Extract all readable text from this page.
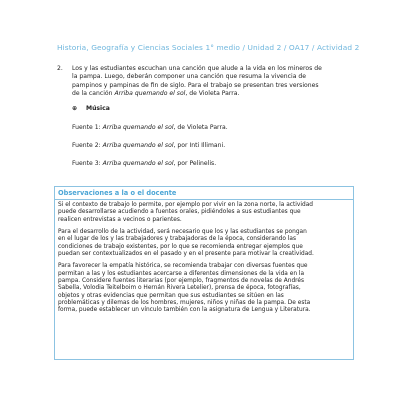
Historia, Geografía y Ciencias Sociales 1° medio / Unidad 2 / OA17 / Actividad 2
2. Los y las estudiantes escuchan una canción que alude a la vida en los mineros de
la pampa. Luego, deberán componer una canción que resuma la vivencia de
pampinos y pampinas de fin de siglo. Para el trabajo se presentan tres versiones
de la canción Arriba quemando el sol, de Violeta Parra.
⊕ Música
Fuente 1: Arriba quemando el sol, de Violeta Parra.
Fuente 2: Arriba quemando el sol, por Inti Illimani.
Fuente 3: Arriba quemando el sol, por Pelinelis.
Observaciones a la o el docente

Si el contexto de trabajo lo permite, por ejemplo por vivir en la zona norte, la actividad
puede desarrollarse acudiendo a fuentes orales, pidiéndoles a sus estudiantes que
realicen entrevistas a vecinos o parientes.

Para el desarrollo de la actividad, será necesario que los y las estudiantes se pongan
en el lugar de los y las trabajadores y trabajadoras de la época, considerando las
condiciones de trabajo existentes, por lo que se recomienda entregar ejemplos que
puedan ser contextualizados en el pasado y en el presente para motivar la creatividad.

Para favorecer la empatía histórica, se recomienda trabajar con diversas fuentes que
permitan a las y los estudiantes acercarse a diferentes dimensiones de la vida en la
pampa. Considere fuentes literarias (por ejemplo, fragmentos de novelas de Andrés
Sabella, Volodia Teitelboim o Hernán Rivera Letelier), prensa de época, fotografías,
objetos y otras evidencias que permitan que sus estudiantes se sitúen en las
problemáticas y dilemas de los hombres, mujeres, niños y niñas de la pampa. De esta
forma, puede establecer un vínculo también con la asignatura de Lengua y Literatura.
